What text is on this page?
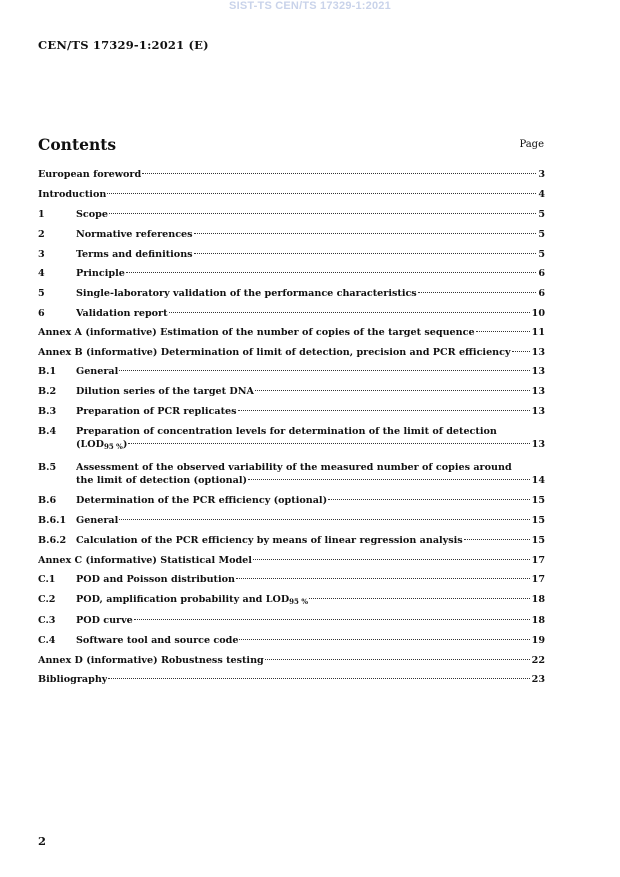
SIST-TS CEN/TS 17329-1:2021
CEN/TS 17329-1:2021 (E)
Contents	Page
European foreword	3
Introduction	4
1	Scope	5
2	Normative references	5
3	Terms and definitions	5
4	Principle	6
5	Single-laboratory validation of the performance characteristics	6
6	Validation report	10
Annex A (informative) Estimation of the number of copies of the target sequence	11
Annex B (informative) Determination of limit of detection, precision and PCR efficiency 13
B.1	General	13
B.2	Dilution series of the target DNA	13
B.3	Preparation of PCR replicates	13
B.4	Preparation of concentration levels for determination of the limit of detection
$(LOD_{95 \%})$	13
B.5	Assessment of the observed variability of the measured number of copies around
the limit of detection (optional)	14
B.6	Determination of the PCR efficiency (optional)	15
B.6.1	General	15
B.6.2	Calculation of the PCR efficiency by means of linear regression analysis	15
Annex C (informative) Statistical Model	17
C.1	POD and Poisson distribution	17
C.2	POD, amplification probability and $LOD_{95 \%}$	18
C.3	POD curve	18
C.4	Software tool and source code	19
Annex D (informative) Robustness testing	22
Bibliography	23
2
